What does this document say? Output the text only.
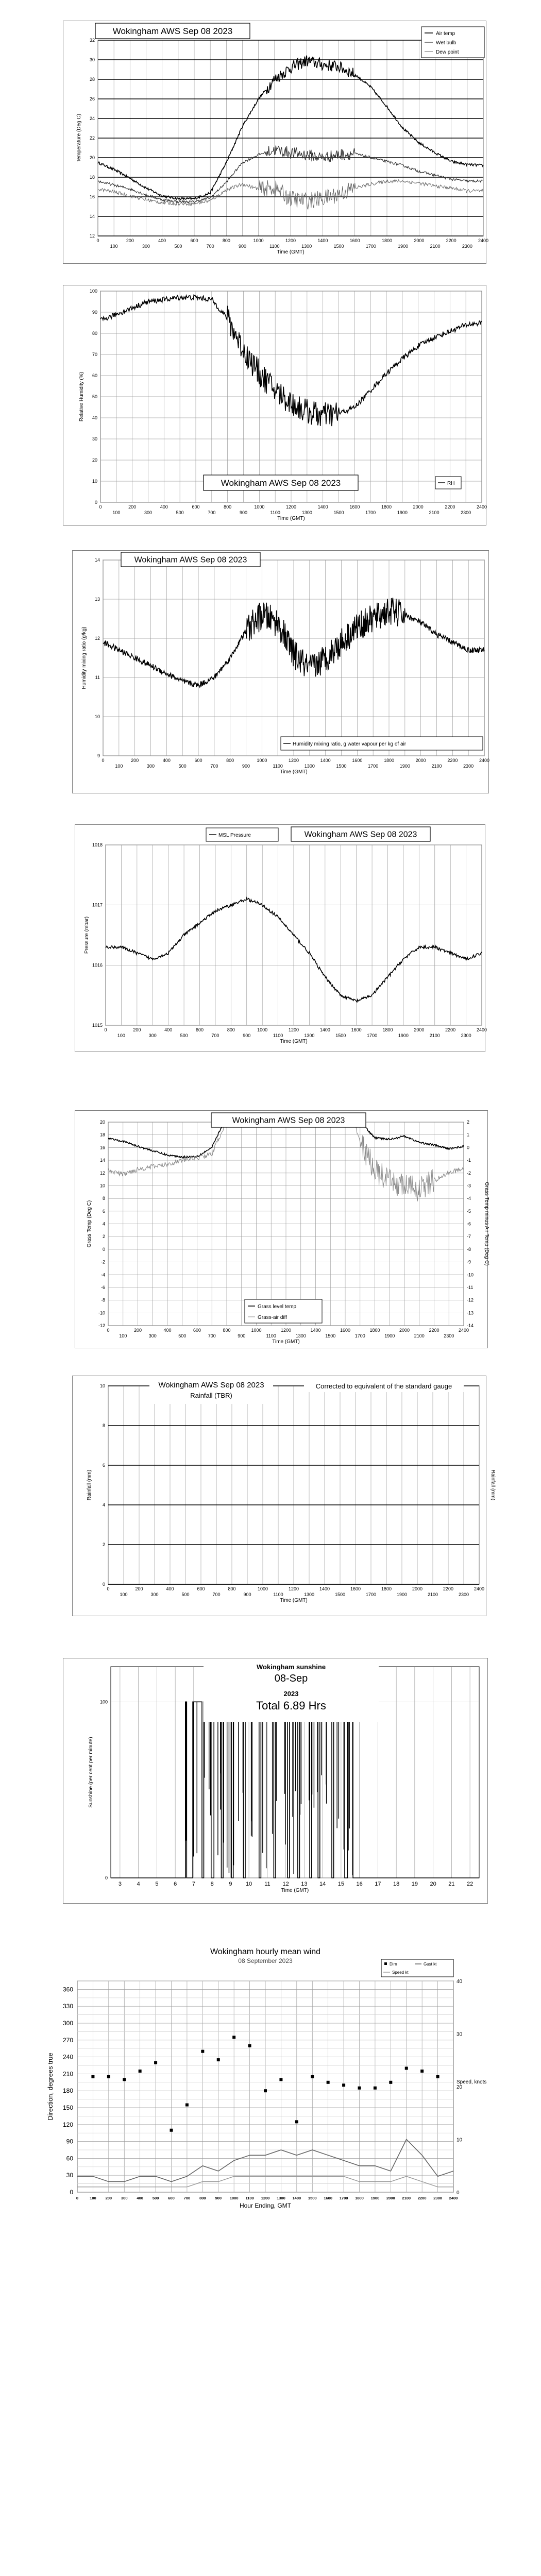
12
14
16
18
20
22
24
26
28
30
32
0	200	400	600	800	1000	1200	1400	1600	1800	2000	2200	2400
100	300	500	700	900	1100	1300	1500	1700	1900	2100	2300
Time (GMT)
Temperature (Deg C)
Wokingham AWS Sep 08 2023	Air temp
Wet bulb
Dew point
0
10
20
30
40
50
60
70
80
90
100
0	200	400	600	800	1000	1200	1400	1600	1800	2000	2200	2400
100	300	500	700	900	1100	1300	1500	1700	1900	2100	2300
Time (GMT)
Relative Humidity (%)
Wokingham AWS Sep 08 2023	RH
9
10
11
12
13
14
0	200	400	600	800	1000	1200	1400	1600	1800	2000	2200	2400
100	300	500	700	900	1100	1300	1500	1700	1900	2100	2300
Time (GMT)
Humidity mixing ratio (g/kg)
Wokingham AWS Sep 08 2023
Humidity mixing ratio, g water vapour per kg of air
1015
1016
1017
1018
0	200	400	600	800	1000	1200	1400	1600	1800	2000	2200	2400
100	300	500	700	900	1100	1300	1500	1700	1900	2100	2300
Time (GMT)
Pressure (mbar)
MSL Pressure	Wokingham AWS Sep 08 2023
-12
-10
-8
-6
-4
-2
0
2
4
6
8
10
12
14
16
18
20
0	200	400	600	800	1000	1200	1400	1600	1800	2000	2200	2400
100	300	500	700	900	1100	1300	1500	1700	1900	2100	2300
Time (GMT)
Grass Temp (Deg C)
-14
-13
-12
-11
-10
-9
-8
-7
-6
-5
-4
-3
-2
-1
0
1
2
Grass Temp minus Air Temp (Deg C)
Wokingham AWS Sep 08 2023
Grass level temp
Grass-air diff
0
2
4
6
8
10
0	200	400	600	800	1000	1200	1400	1600	1800	2000	2200	2400
100	300	500	700	900	1100	1300	1500	1700	1900	2100	2300
Time (GMT)
Rainfall (mm)	Rainfall (mm)
Wokingham AWS Sep 08 2023
Rainfall (TBR)
Corrected to equivalent of the standard gauge
3	4	5	6	7	8	9 10 11 12 13 14 15 16 17 18 19 20 21 22
0
100
Time (GMT)
Sunshine (per cent per minute)
Wokingham sunshine
08-Sep
2023
Total 6.89 Hrs
0	100 200 300 400 500 600 700 800 900 1000 1100 1200 1300 1400 1500 1600 1700 1800 1900 2000 2100 2200 2300 2400
0
30
60
90
120
150
180
210
240
270
300
330
360
0
10
20
30
40
Hour Ending, GMT
Direction, degrees true	Speed, knots
Wokingham hourly mean wind
08 September 2023	Dirn	Gust kt
Speed kt
